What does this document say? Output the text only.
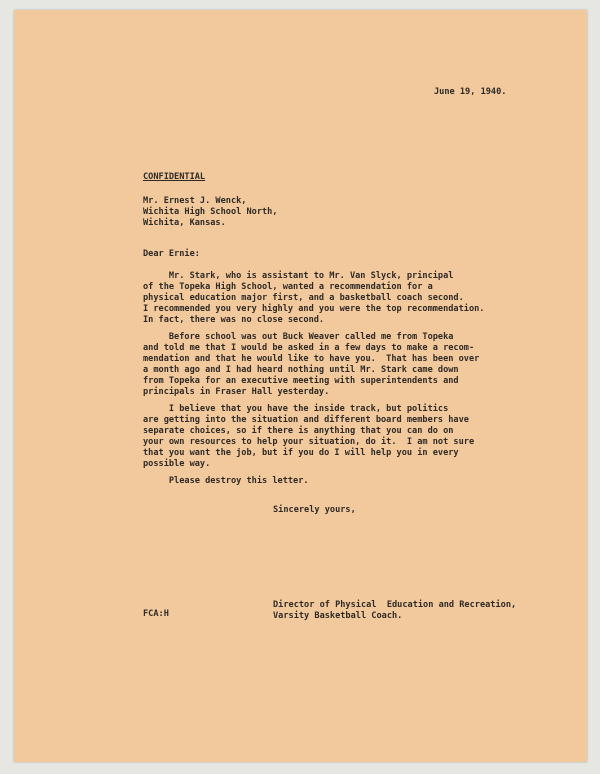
June 19, 1940.
CONFIDENTIAL
Mr. Ernest J. Wenck,
Wichita High School North,
Wichita, Kansas.
Dear Ernie:
Mr. Stark, who is assistant to Mr. Van Slyck, principal
of the Topeka High School, wanted a recommendation for a
physical education major first, and a basketball coach second.
I recommended you very highly and you were the top recommendation.
In fact, there was no close second.
Before school was out Buck Weaver called me from Topeka
and told me that I would be asked in a few days to make a recom-
mendation and that he would like to have you.  That has been over
a month ago and I had heard nothing until Mr. Stark came down
from Topeka for an executive meeting with superintendents and
principals in Fraser Hall yesterday.
I believe that you have the inside track, but politics
are getting into the situation and different board members have
separate choices, so if there is anything that you can do on
your own resources to help your situation, do it.  I am not sure
that you want the job, but if you do I will help you in every
possible way.
Please destroy this letter.
Sincerely yours,
FCA:H
Director of Physical  Education and Recreation,
Varsity Basketball Coach.
